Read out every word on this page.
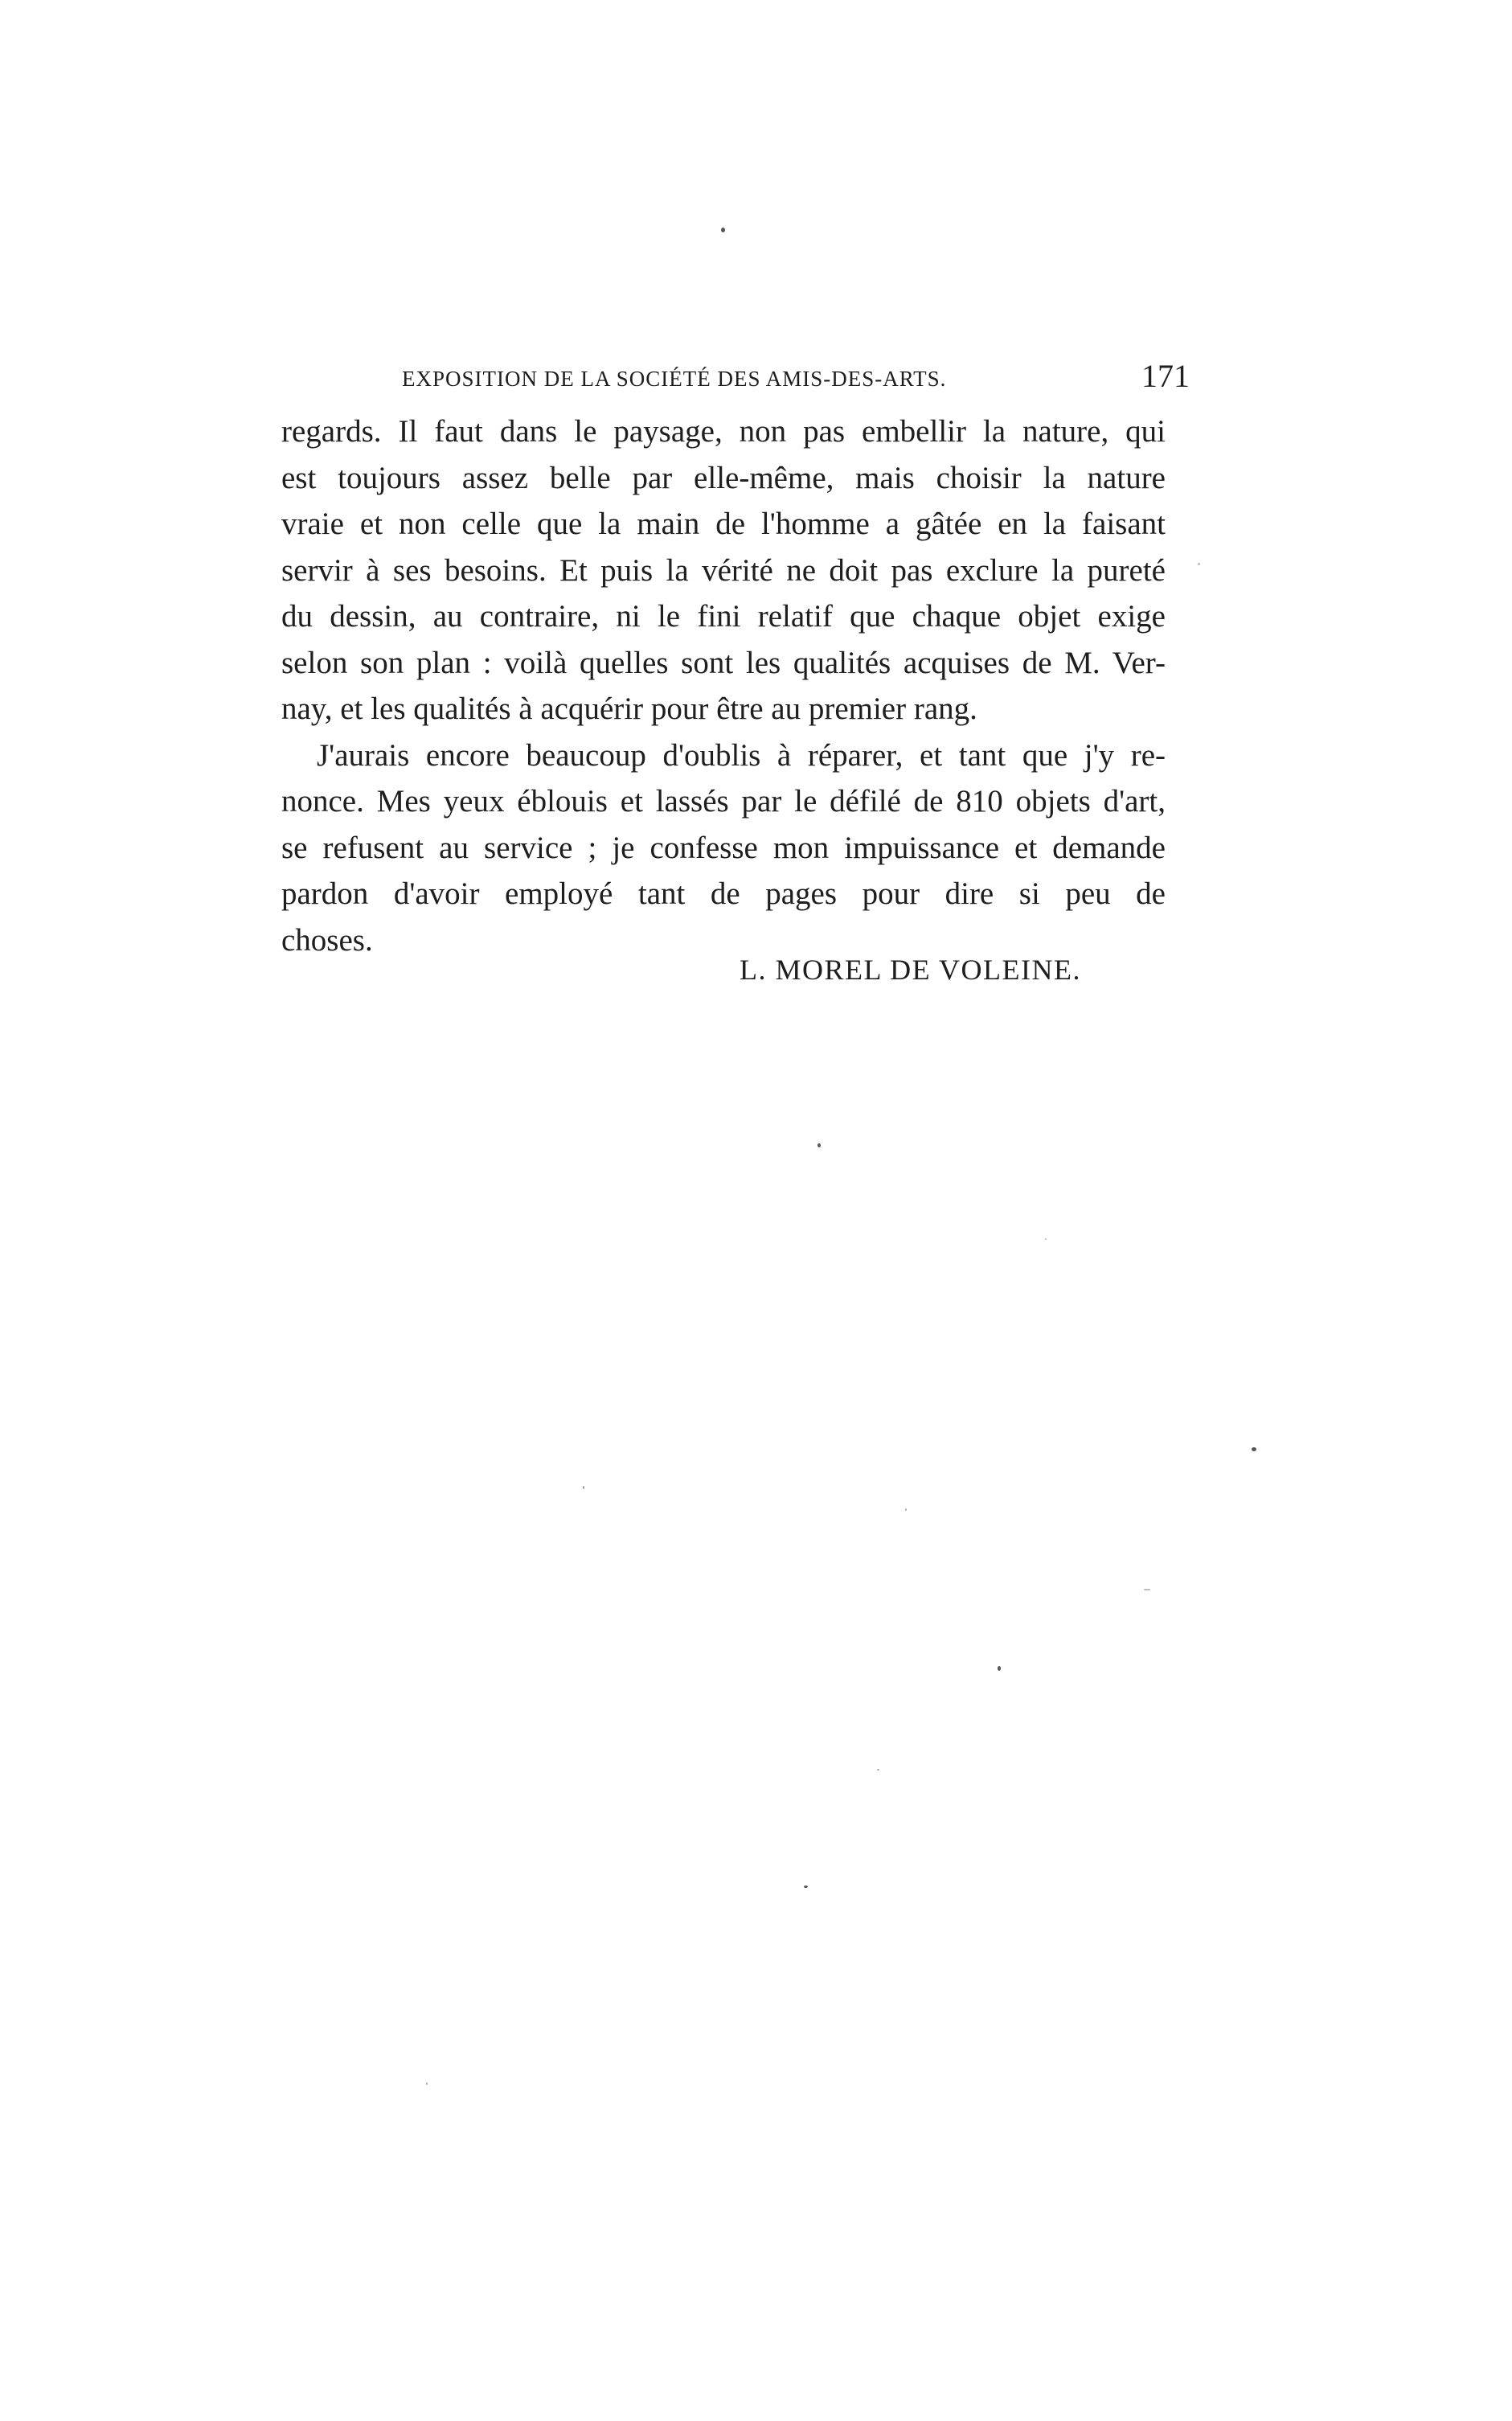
EXPOSITION DE LA SOCIÉTÉ DES AMIS-DES-ARTS.	171
regards. Il faut dans le paysage, non pas embellir la nature, qui
est toujours assez belle par elle-même, mais choisir la nature
vraie et non celle que la main de l'homme a gâtée en la faisant
servir à ses besoins. Et puis la vérité ne doit pas exclure la pureté
du dessin, au contraire, ni le fini relatif que chaque objet exige
selon son plan : voilà quelles sont les qualités acquises de M. Ver-
nay, et les qualités à acquérir pour être au premier rang.
J'aurais encore beaucoup d'oublis à réparer, et tant que j'y re-
nonce. Mes yeux éblouis et lassés par le défilé de 810 objets d'art,
se refusent au service ; je confesse mon impuissance et demande
pardon d'avoir employé tant de pages pour dire si peu de
choses.
L. MOREL DE VOLEINE.
